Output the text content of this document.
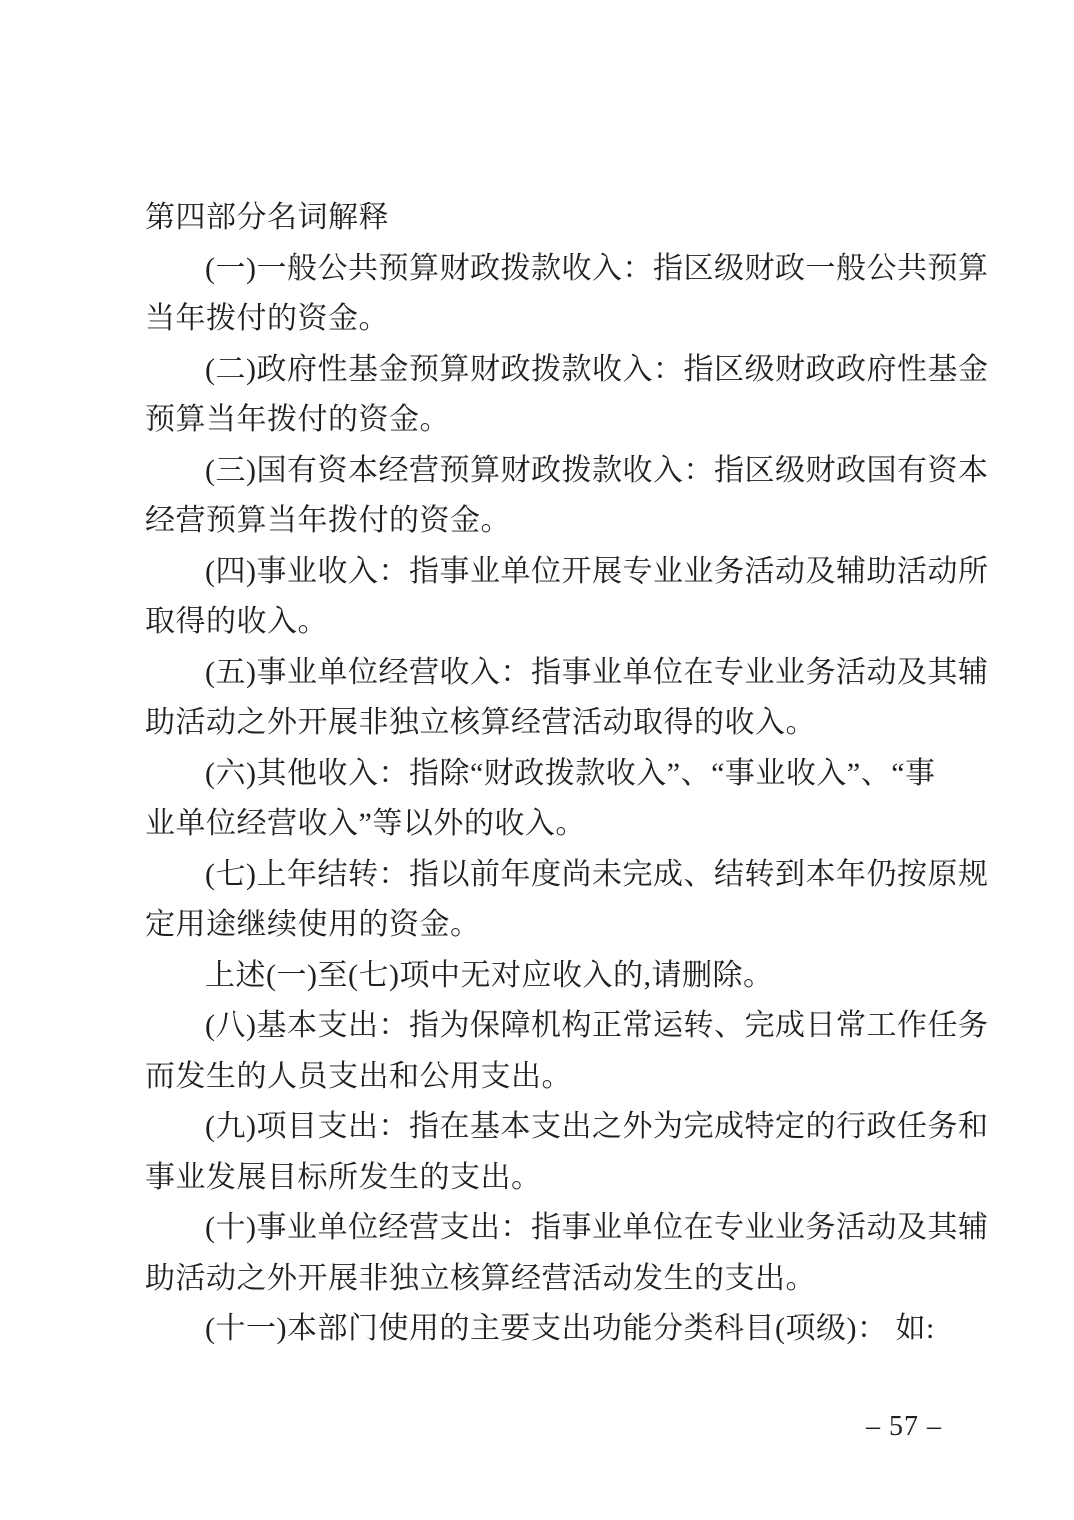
第四部分名词解释
(一)一般公共预算财政拨款收入：指区级财政一般公共预算
当年拨付的资金。
(二)政府性基金预算财政拨款收入：指区级财政政府性基金
预算当年拨付的资金。
(三)国有资本经营预算财政拨款收入：指区级财政国有资本
经营预算当年拨付的资金。
(四)事业收入：指事业单位开展专业业务活动及辅助活动所
取得的收入。
(五)事业单位经营收入：指事业单位在专业业务活动及其辅
助活动之外开展非独立核算经营活动取得的收入。
(六)其他收入：指除“财政拨款收入”、“事业收入”、“事
业单位经营收入”等以外的收入。
(七)上年结转：指以前年度尚未完成、结转到本年仍按原规
定用途继续使用的资金。
上述(一)至(七)项中无对应收入的,请删除。
(八)基本支出：指为保障机构正常运转、完成日常工作任务
而发生的人员支出和公用支出。
(九)项目支出：指在基本支出之外为完成特定的行政任务和
事业发展目标所发生的支出。
(十)事业单位经营支出：指事业单位在专业业务活动及其辅
助活动之外开展非独立核算经营活动发生的支出。
(十一)本部门使用的主要支出功能分类科目(项级)： 如:
– 57 –
